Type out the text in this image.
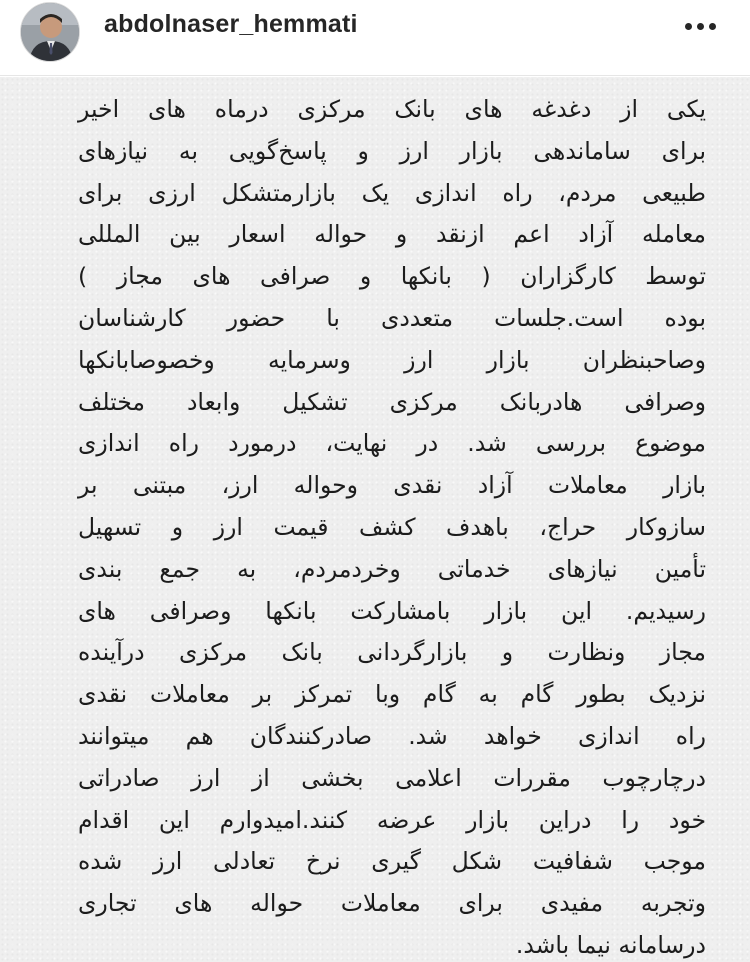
abdolnaser_hemmati
یکی از دغدغه های بانک مرکزی درماه های اخیر
برای ساماندهی بازار ارز و پاسخ‌گویی به نیازهای
طبیعی مردم، راه اندازی یک بازارمتشکل ارزی برای
معامله آزاد اعم ازنقد و حواله اسعار بین المللی
توسط کارگزاران ( بانکها و صرافی های مجاز )
بوده است.جلسات متعددی با حضور کارشناسان
وصاحبنظران بازار ارز وسرمایه وخصوصابانکها
وصرافی هادربانک مرکزی تشکیل وابعاد مختلف
موضوع بررسی شد. در نهایت، درمورد راه اندازی
بازار معاملات آزاد نقدی وحواله ارز، مبتنی بر
سازوکار حراج، باهدف کشف قیمت ارز و تسهیل
تأمین نیازهای خدماتی وخردمردم، به جمع بندی
رسیدیم. این بازار بامشارکت بانکها وصرافی های
مجاز ونظارت و بازارگردانی بانک مرکزی درآینده
نزدیک بطور گام به گام وبا تمرکز بر معاملات نقدی
راه اندازی خواهد شد. صادرکنندگان هم میتوانند
درچارچوب مقررات اعلامی بخشی از ارز صادراتی
خود را دراین بازار عرضه کنند.امیدوارم این اقدام
موجب شفافیت شکل گیری نرخ تعادلی ارز شده
وتجربه مفیدی برای معاملات حواله های تجاری
درسامانه نیما باشد.
